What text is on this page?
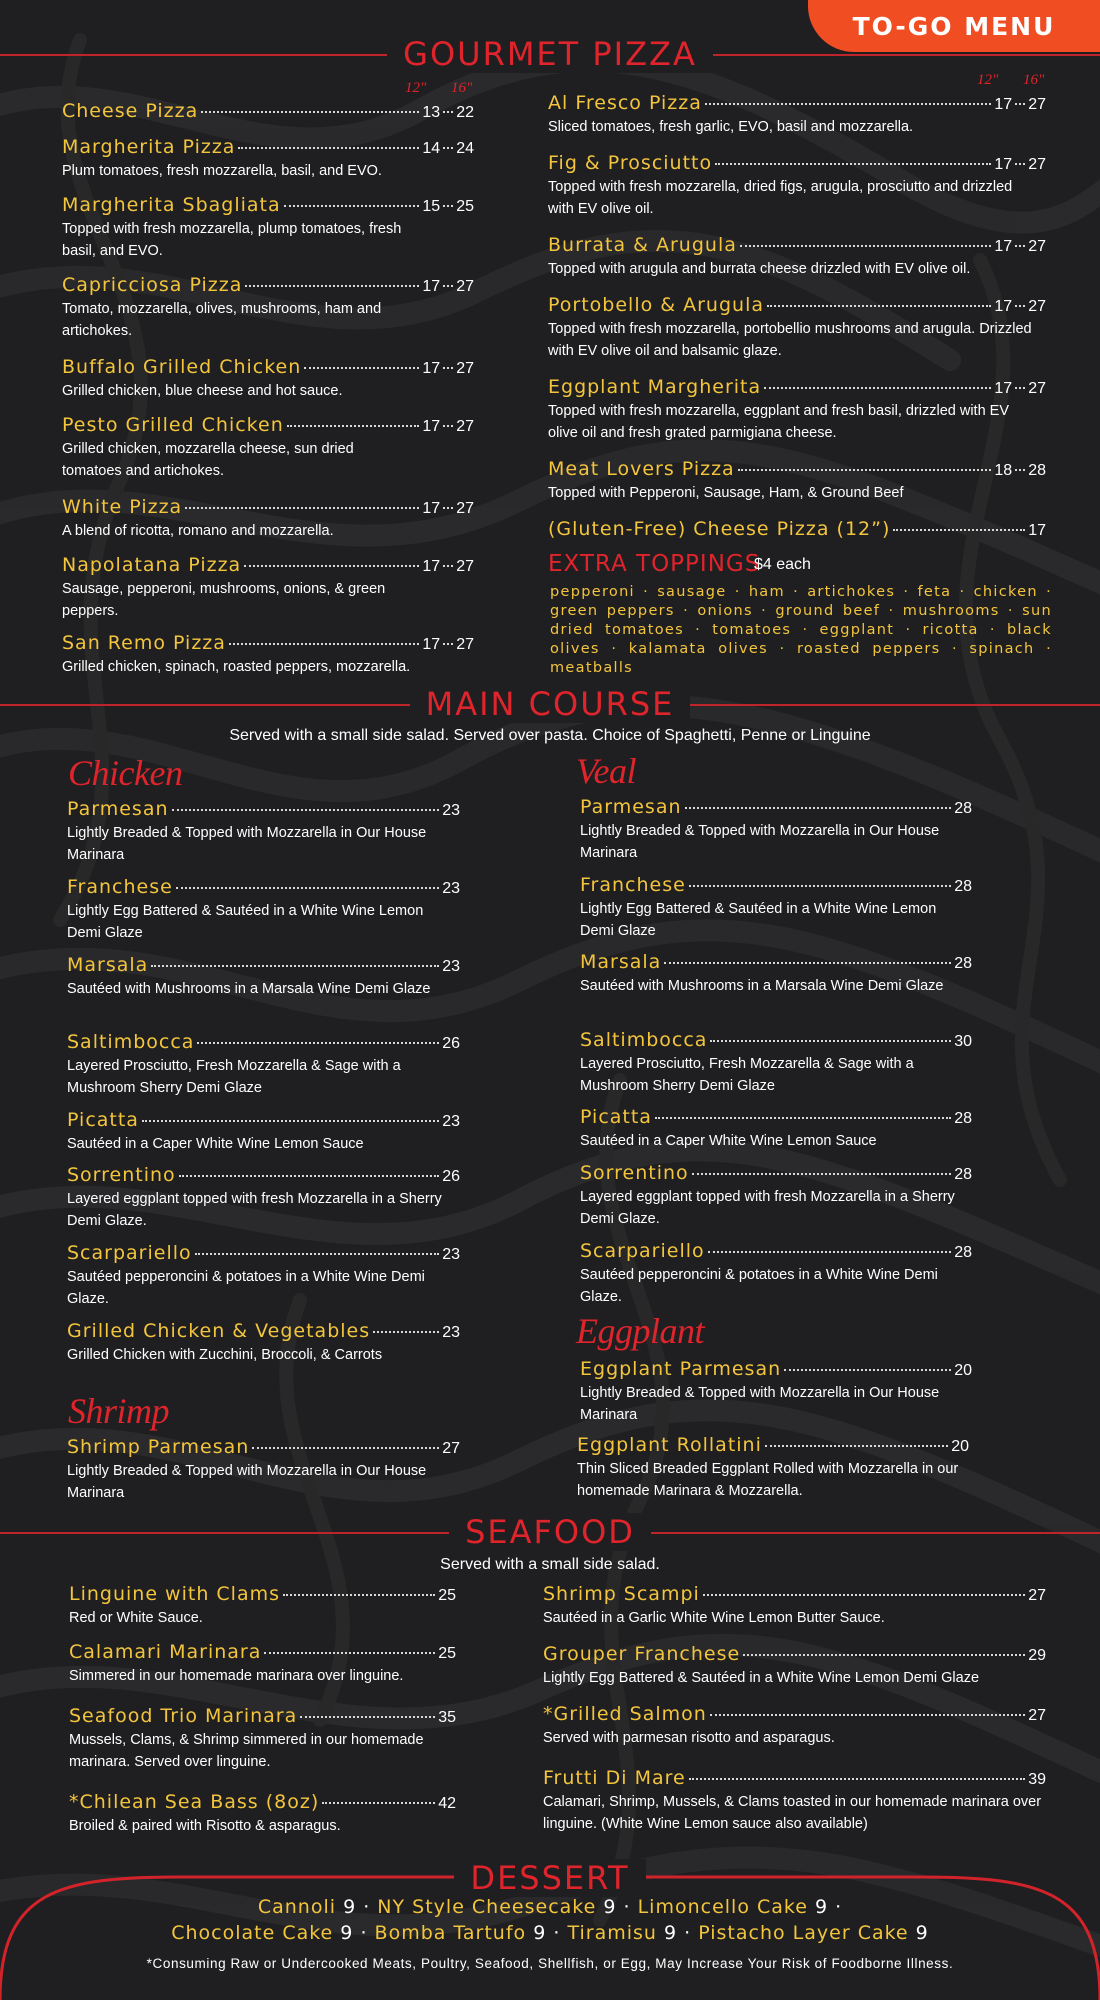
TO-GO MENU
GOURMET PIZZA
12" 16"	12" 16"
Cheese Pizza	13 22
Margherita Pizza	14 24
Plum tomatoes, fresh mozzarella, basil, and EVO.
Margherita Sbagliata	15 25
Topped with fresh mozzarella, plump tomatoes, fresh basil, and EVO.
Capricciosa Pizza	17 27
Tomato, mozzarella, olives, mushrooms, ham and artichokes.
Buffalo Grilled Chicken	17 27
Grilled chicken, blue cheese and hot sauce.
Pesto Grilled Chicken	17 27
Grilled chicken, mozzarella cheese, sun dried tomatoes and artichokes.
White Pizza	17 27
A blend of ricotta, romano and mozzarella.
Napolatana Pizza	17 27
Sausage, pepperoni, mushrooms, onions, & green peppers.
San Remo Pizza	17 27
Grilled chicken, spinach, roasted peppers, mozzarella.
Al Fresco Pizza	17 27
Sliced tomatoes, fresh garlic, EVO, basil and mozzarella.
Fig & Prosciutto	17 27
Topped with fresh mozzarella, dried figs, arugula, prosciutto and drizzled with EV olive oil.
Burrata & Arugula	17 27
Topped with arugula and burrata cheese drizzled with EV olive oil.
Portobello & Arugula	17 27
Topped with fresh mozzarella, portobellio mushrooms and arugula. Drizzled with EV olive oil and balsamic glaze.
Eggplant Margherita	17 27
Topped with fresh mozzarella, eggplant and fresh basil, drizzled with EV olive oil and fresh grated parmigiana cheese.
Meat Lovers Pizza	18 28
Topped with Pepperoni, Sausage, Ham, & Ground Beef
(Gluten-Free) Cheese Pizza (12”)	17
EXTRA TOPPINGS
$4 each
pepperoni · sausage · ham · artichokes · feta · chicken · green peppers · onions · ground beef · mushrooms · sun dried tomatoes · tomatoes · eggplant · ricotta · black olives · kalamata olives · roasted peppers · spinach · meatballs
MAIN COURSE
Served with a small side salad. Served over pasta. Choice of Spaghetti, Penne or Linguine
Chicken
Parmesan	23
Lightly Breaded & Topped with Mozzarella in Our House Marinara
Franchese	23
Lightly Egg Battered & Sautéed in a White Wine Lemon Demi Glaze
Marsala	23
Sautéed with Mushrooms in a Marsala Wine Demi Glaze
Saltimbocca	26
Layered Prosciutto, Fresh Mozzarella & Sage with a Mushroom Sherry Demi Glaze
Picatta	23
Sautéed in a Caper White Wine Lemon Sauce
Sorrentino	26
Layered eggplant topped with fresh Mozzarella in a Sherry Demi Glaze.
Scarpariello	23
Sautéed pepperoncini & potatoes in a White Wine Demi Glaze.
Grilled Chicken & Vegetables	23
Grilled Chicken with Zucchini, Broccoli, & Carrots
Shrimp
Shrimp Parmesan	27
Lightly Breaded & Topped with Mozzarella in Our House Marinara
Veal
Parmesan	28
Lightly Breaded & Topped with Mozzarella in Our House Marinara
Franchese	28
Lightly Egg Battered & Sautéed in a White Wine Lemon Demi Glaze
Marsala	28
Sautéed with Mushrooms in a Marsala Wine Demi Glaze
Saltimbocca	30
Layered Prosciutto, Fresh Mozzarella & Sage with a Mushroom Sherry Demi Glaze
Picatta	28
Sautéed in a Caper White Wine Lemon Sauce
Sorrentino	28
Layered eggplant topped with fresh Mozzarella in a Sherry Demi Glaze.
Scarpariello	28
Sautéed pepperoncini & potatoes in a White Wine Demi Glaze.
Eggplant
Eggplant Parmesan	20
Lightly Breaded & Topped with Mozzarella in Our House Marinara
Eggplant Rollatini	20
Thin Sliced Breaded Eggplant Rolled with Mozzarella in our homemade Marinara & Mozzarella.
SEAFOOD
Served with a small side salad.
Linguine with Clams	25
Red or White Sauce.
Calamari Marinara	25
Simmered in our homemade marinara over linguine.
Seafood Trio Marinara	35
Mussels, Clams, & Shrimp simmered in our homemade marinara. Served over linguine.
*Chilean Sea Bass (8oz)	42
Broiled & paired with Risotto & asparagus.
Shrimp Scampi	27
Sautéed in a Garlic White Wine Lemon Butter Sauce.
Grouper Franchese	29
Lightly Egg Battered & Sautéed in a White Wine Lemon Demi Glaze
*Grilled Salmon	27
Served with parmesan risotto and asparagus.
Frutti Di Mare	39
Calamari, Shrimp, Mussels, & Clams toasted in our homemade marinara over linguine. (White Wine Lemon sauce also available)
DESSERT
Cannoli 9 · NY Style Cheesecake 9 · Limoncello Cake 9 ·
Chocolate Cake 9 · Bomba Tartufo 9 · Tiramisu 9 · Pistacho Layer Cake 9
*Consuming Raw or Undercooked Meats, Poultry, Seafood, Shellfish, or Egg, May Increase Your Risk of Foodborne Illness.
